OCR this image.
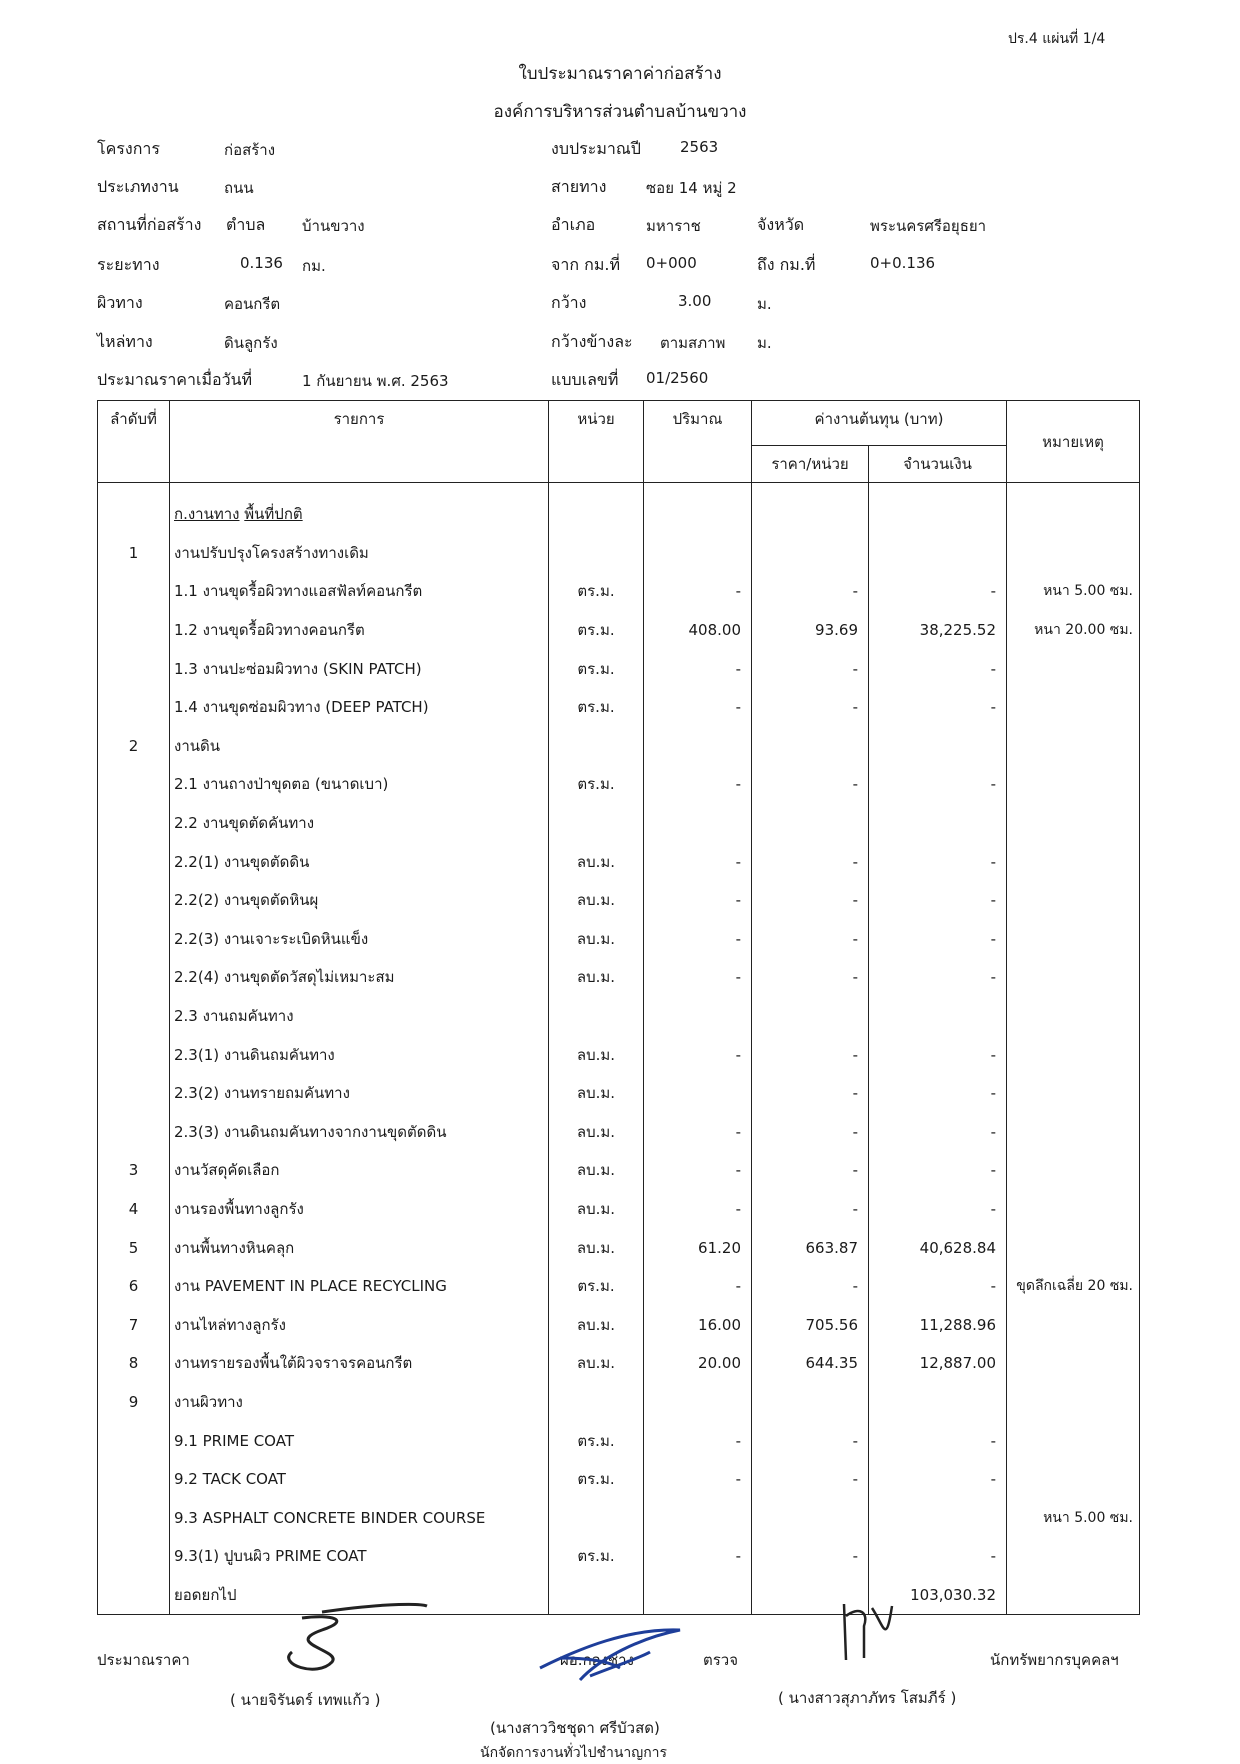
ปร.4 แผ่นที่ 1/4
ใบประมาณราคาค่าก่อสร้าง
องค์การบริหารส่วนตำบลบ้านขวาง
โครงการ	ก่อสร้าง	งบประมาณปี	2563
ประเภทงาน	ถนน	สายทาง	ซอย 14 หมู่ 2
สถานที่ก่อสร้าง ตำบล บ้านขวาง	อำเภอ	มหาราช	จังหวัด	พระนครศรีอยุธยา
ระยะทาง	0.136 กม.	จาก กม.ที่ 0+000	ถึง กม.ที่	0+0.136
ผิวทาง	คอนกรีต	กว้าง	3.00	ม.
ไหล่ทาง	ดินลูกรัง	กว้างข้างละ ตามสภาพ ม.
ประมาณราคาเมื่อวันที่	1 กันยายน พ.ศ. 2563	แบบเลขที่ 01/2560
ลำดับที่	รายการ	หน่วย	ปริมาณ	ค่างานต้นทุน (บาท)		หมายเหตุ
				ราคา/หน่วย	จำนวนเงิน	
	ก.งานทาง พื้นที่ปกติ					
1	งานปรับปรุงโครงสร้างทางเดิม					
	1.1 งานขุดรื้อผิวทางแอสฟัลท์คอนกรีต	ตร.ม.	-	-	-	หนา 5.00 ซม.
	1.2 งานขุดรื้อผิวทางคอนกรีต	ตร.ม.	408.00	93.69	38,225.52	หนา 20.00 ซม.
	1.3 งานปะซ่อมผิวทาง (SKIN PATCH)	ตร.ม.	-	-	-	
	1.4 งานขุดซ่อมผิวทาง (DEEP PATCH)	ตร.ม.	-	-	-	
2	งานดิน					
	2.1 งานถางป่าขุดตอ (ขนาดเบา)	ตร.ม.	-	-	-	
	2.2 งานขุดตัดคันทาง					
	2.2(1) งานขุดตัดดิน	ลบ.ม.	-	-	-	
	2.2(2) งานขุดตัดหินผุ	ลบ.ม.	-	-	-	
	2.2(3) งานเจาะระเบิดหินแข็ง	ลบ.ม.	-	-	-	
	2.2(4) งานขุดตัดวัสดุไม่เหมาะสม	ลบ.ม.	-	-	-	
	2.3 งานถมคันทาง					
	2.3(1) งานดินถมคันทาง	ลบ.ม.	-	-	-	
	2.3(2) งานทรายถมคันทาง	ลบ.ม.		-	-	
	2.3(3) งานดินถมคันทางจากงานขุดตัดดิน	ลบ.ม.	-	-	-	
3	งานวัสดุคัดเลือก	ลบ.ม.	-	-	-	
4	งานรองพื้นทางลูกรัง	ลบ.ม.	-	-	-	
5	งานพื้นทางหินคลุก	ลบ.ม.	61.20	663.87	40,628.84	
6	งาน PAVEMENT IN PLACE RECYCLING	ตร.ม.	-	-	-	ขุดลึกเฉลี่ย 20 ซม.
7	งานไหล่ทางลูกรัง	ลบ.ม.	16.00	705.56	11,288.96	
8	งานทรายรองพื้นใต้ผิวจราจรคอนกรีต	ลบ.ม.	20.00	644.35	12,887.00	
9	งานผิวทาง					
	9.1 PRIME COAT	ตร.ม.	-	-	-	
	9.2 TACK COAT	ตร.ม.	-	-	-	
	9.3 ASPHALT CONCRETE BINDER COURSE					หนา 5.00 ซม.
	9.3(1) ปูบนผิว PRIME COAT	ตร.ม.	-	-	-	
	ยอดยกไป				103,030.32	
ประมาณราคา
( นายจิรันดร์ เทพแก้ว )
ผอ.กองช่าง	ตรวจ
(นางสาววิชชุดา ศรีบัวสด)
นักจัดการงานทั่วไปชำนาญการ
( นางสาวสุภาภัทร โสมภีร์ )
นักทรัพยากรบุคคลฯ
